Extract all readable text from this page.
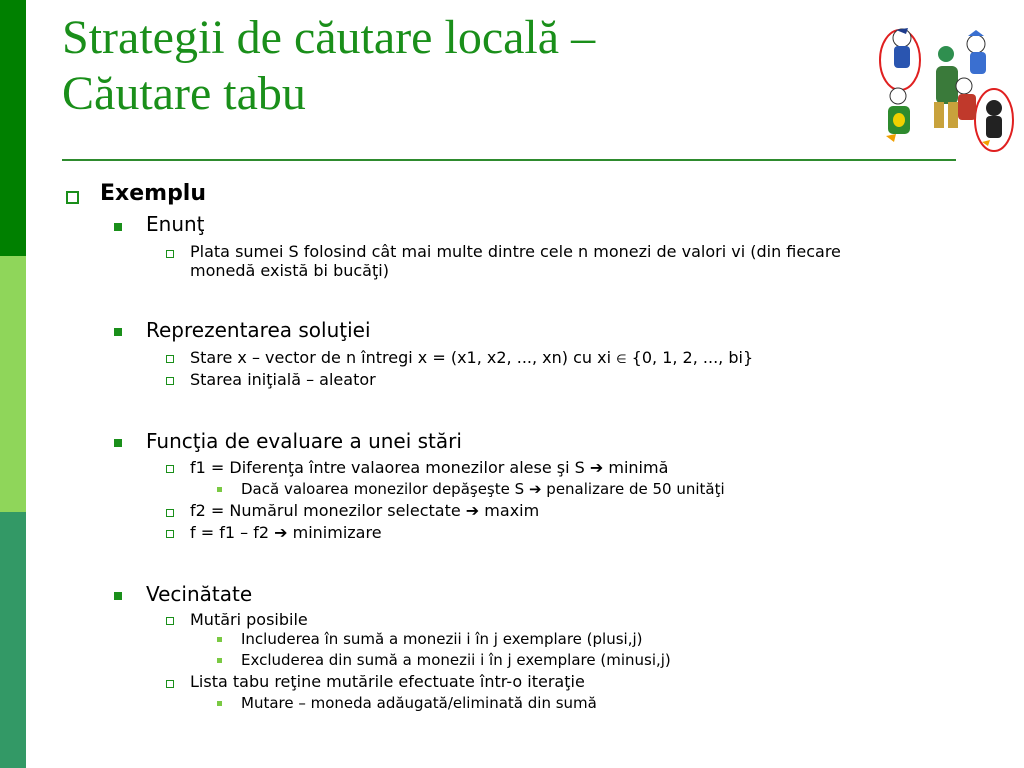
Strategii de căutare locală –
Căutare tabu
Exemplu
Enunţ
Plata sumei S folosind cât mai multe dintre cele n monezi de valori vi (din fiecare
monedă există bi bucăţi)
Reprezentarea soluţiei
Stare x – vector de n întregi x = (x1, x2, ..., xn) cu xi ∈ {0, 1, 2, ..., bi}
Starea iniţială – aleator
Funcţia de evaluare a unei stări
f1 = Diferenţa între valaorea monezilor alese şi S ➔ minimă
Dacă valoarea monezilor depăşeşte S ➔ penalizare de 50 unităţi
f2 = Numărul monezilor selectate ➔ maxim
f = f1 – f2 ➔ minimizare
Vecinătate
Mutări posibile
Includerea în sumă a monezii i în j exemplare (plusi,j)
Excluderea din sumă a monezii i în j exemplare (minusi,j)
Lista tabu reţine mutările efectuate într-o iteraţie
Mutare – moneda adăugată/eliminată din sumă
